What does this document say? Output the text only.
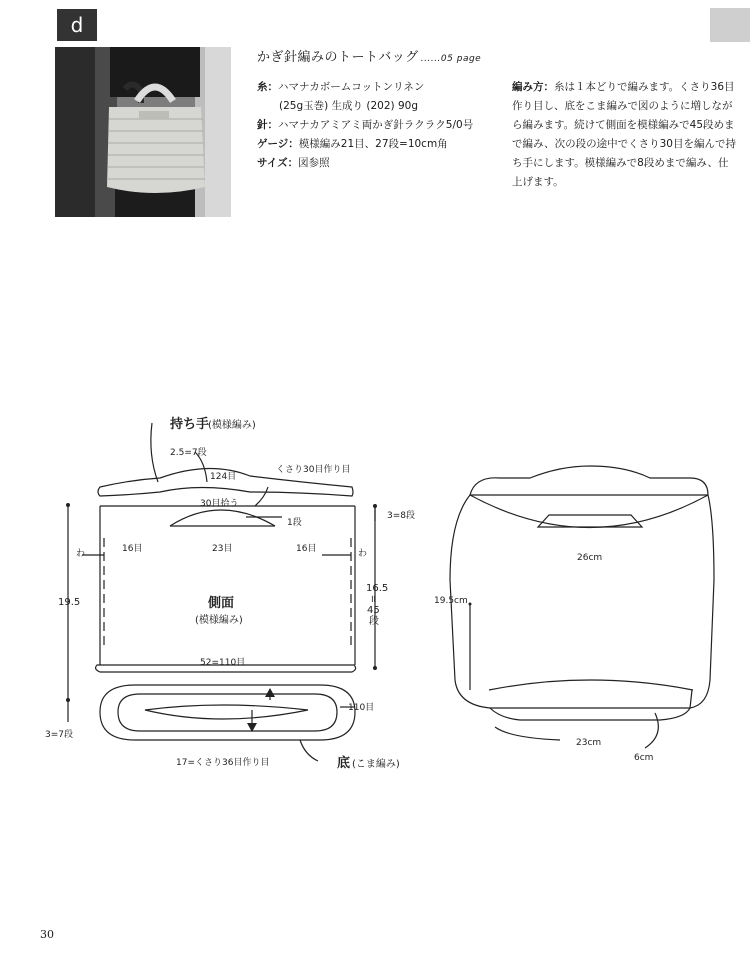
d
かぎ針編みのトートバッグ ......05 page
糸：ハマナカボームコットンリネン
(25g玉巻) 生成り (202) 90g
針：ハマナカアミアミ両かぎ針ラクラク5/0号
ゲージ：模様編み21目、27段=10cm角
サイズ：図参照
編み方：糸は１本どりで編みます。くさり36目作り目し、底をこま編みで図のように増しながら編みます。続けて側面を模様編みで45段めまで編み、次の段の途中でくさり30目を編んで持ち手にします。模様編みで8段めまで編み、仕上げます。
持ち手
(模様編み)
2.5=7段
124目
くさり30目作り目
30目拾う
1段
16目	23目	16目
3=8段
わ	わ
19.5
16.5
॥
45
段
側面
(模様編み)
52=110目
3=7段
110目
17=くさり36目作り目	底 (こま編み)
26cm
19.5cm
23cm
6cm
30
